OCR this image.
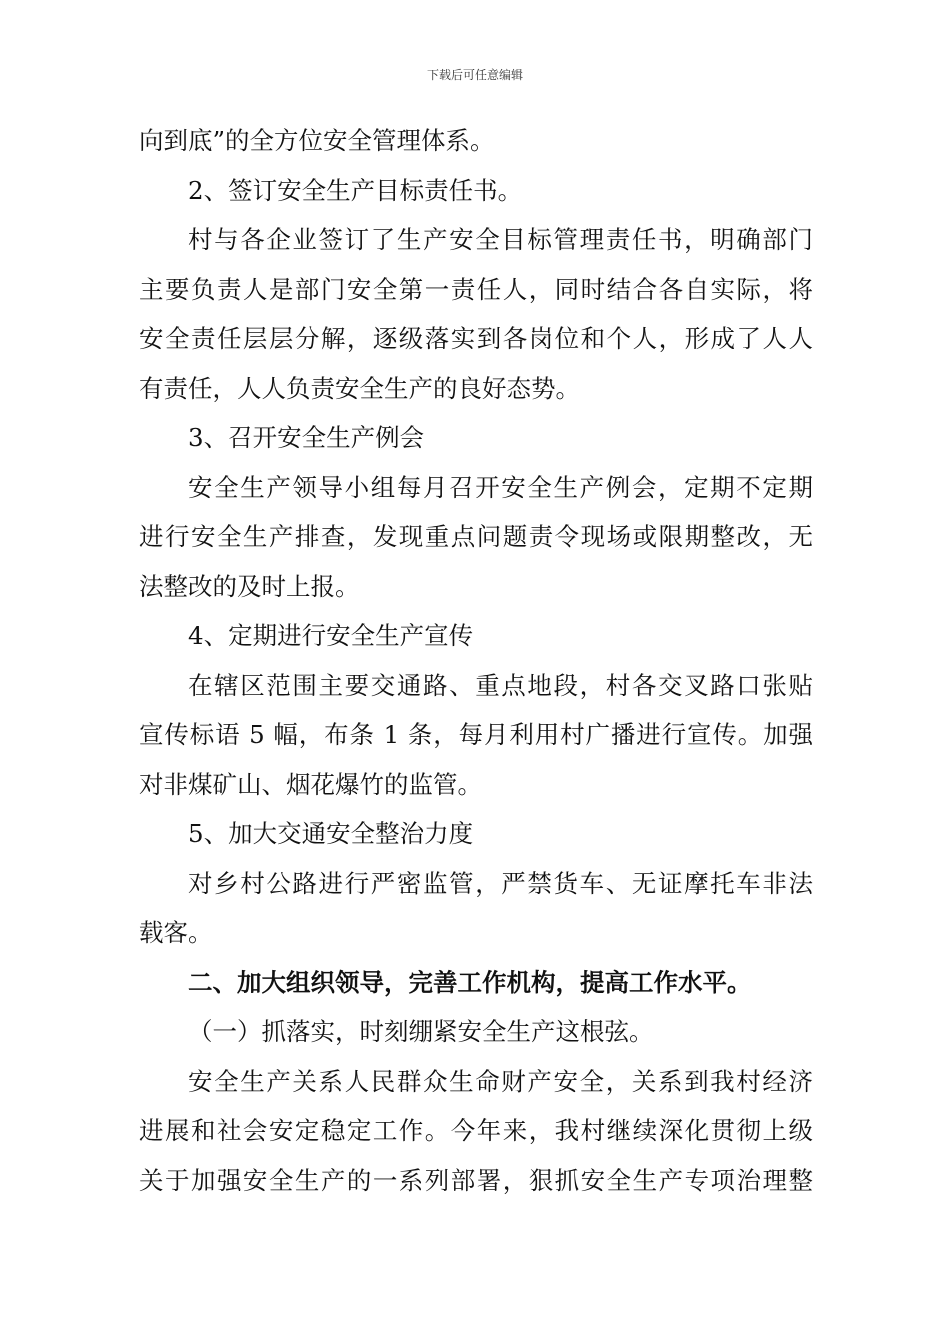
下载后可任意编辑
向到底”的全方位安全管理体系。
2、签订安全生产目标责任书。
村与各企业签订了生产安全目标管理责任书，明确部门
主要负责人是部门安全第一责任人，同时结合各自实际，将
安全责任层层分解，逐级落实到各岗位和个人，形成了人人
有责任，人人负责安全生产的良好态势。
3、召开安全生产例会
安全生产领导小组每月召开安全生产例会，定期不定期
进行安全生产排查，发现重点问题责令现场或限期整改，无
法整改的及时上报。
4、定期进行安全生产宣传
在辖区范围主要交通路、重点地段，村各交叉路口张贴
宣传标语 5 幅，布条 1 条，每月利用村广播进行宣传。加强
对非煤矿山、烟花爆竹的监管。
5、加大交通安全整治力度
对乡村公路进行严密监管，严禁货车、无证摩托车非法
载客。
二、加大组织领导，完善工作机构，提高工作水平。
（一）抓落实，时刻绷紧安全生产这根弦。
安全生产关系人民群众生命财产安全，关系到我村经济
进展和社会安定稳定工作。今年来，我村继续深化贯彻上级
关于加强安全生产的一系列部署，狠抓安全生产专项治理整
